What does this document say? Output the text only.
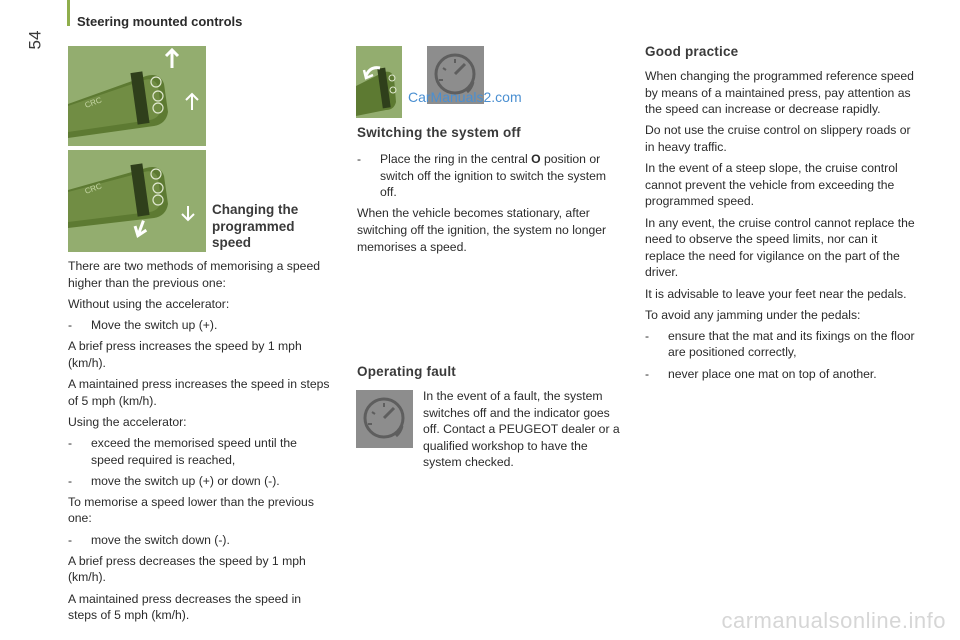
54
Steering mounted controls
CRC
CRC
Changing the programmed speed

There are two methods of memorising a speed higher than the previous one:

Without using the accelerator:

- Move the switch up (+).

A brief press increases the speed by 1 mph (km/h).

A maintained press increases the speed in steps of 5 mph (km/h).

Using the accelerator:

- exceed the memorised speed until the speed required is reached,
- move the switch up (+) or down (-).

To memorise a speed lower than the previous one:

- move the switch down (-).

A brief press decreases the speed by 1 mph (km/h).

A maintained press decreases the speed in steps of 5 mph (km/h).

CarManuals2.com
Switching the system off
- Place the ring in the central O position or switch off the ignition to switch the system off.

When the vehicle becomes stationary, after switching off the ignition, the system no longer memorises a speed.

Operating fault

In the event of a fault, the system switches off and the indicator goes off. Contact a PEUGEOT dealer or a qualified workshop to have the system checked.

Good practice

When changing the programmed reference speed by means of a maintained press, pay attention as the speed can increase or decrease rapidly.

Do not use the cruise control on slippery roads or in heavy traffic.

In the event of a steep slope, the cruise control cannot prevent the vehicle from exceeding the programmed speed.

In any event, the cruise control cannot replace the need to observe the speed limits, nor can it replace the need for vigilance on the part of the driver.

It is advisable to leave your feet near the pedals.

To avoid any jamming under the pedals:

- ensure that the mat and its fixings on the floor are positioned correctly,
- never place one mat on top of another.
carmanualsonline.info
